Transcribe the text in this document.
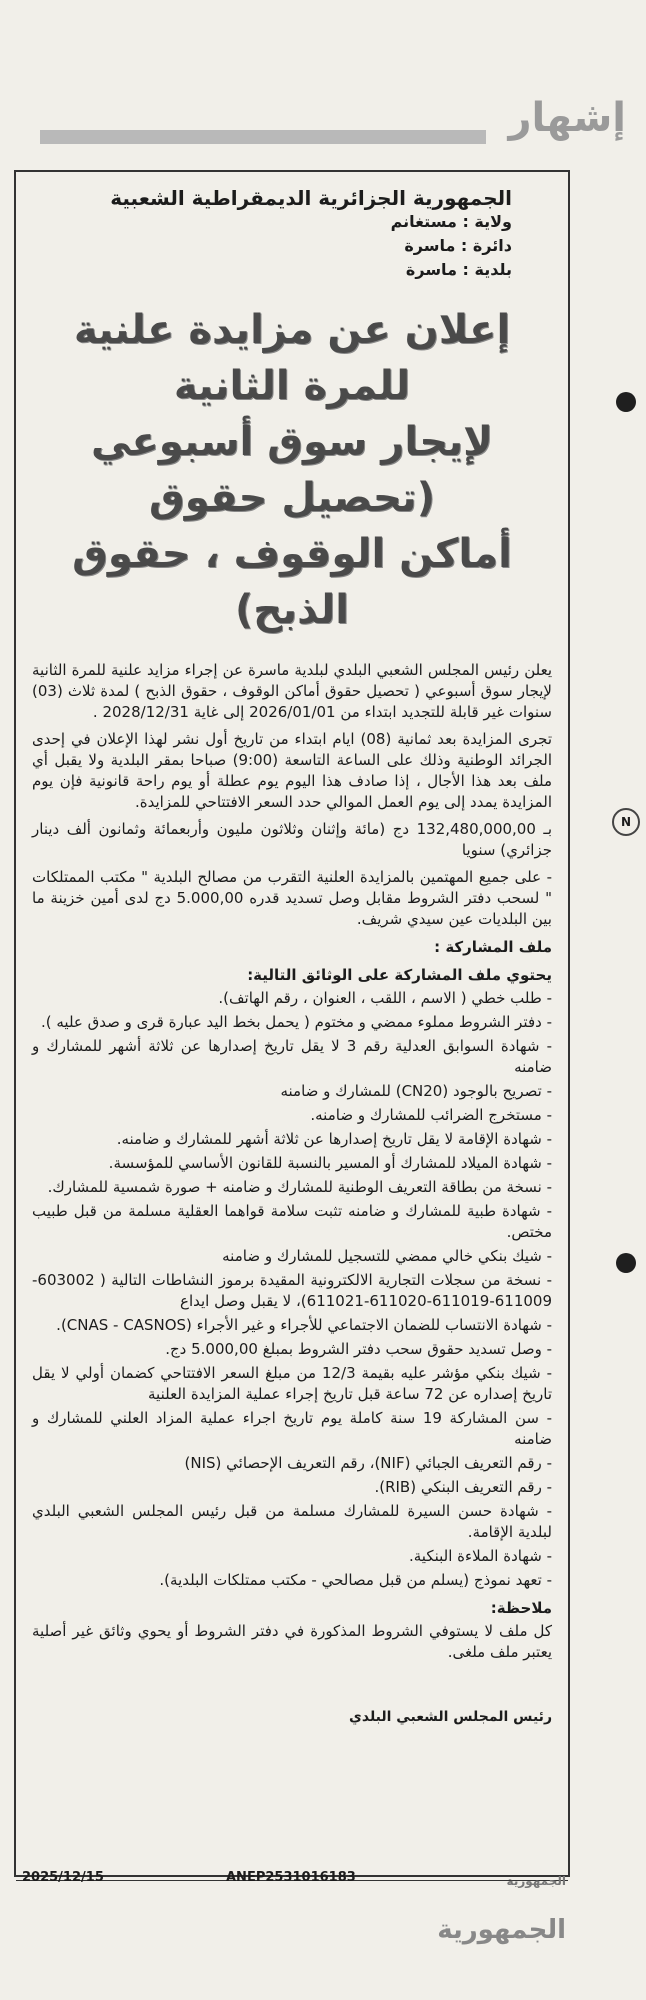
إشهار
الجمهورية الجزائرية الديمقراطية الشعبية
ولاية : مستغانم
دائرة : ماسرة
بلدية : ماسرة
إعلان عن مزايدة علنية للمرة الثانية
لإيجار سوق أسبوعي (تحصيل حقوق
أماكن الوقوف ، حقوق الذبح)

يعلن رئيس المجلس الشعبي البلدي لبلدية ماسرة عن إجراء مزايد علنية للمرة الثانية لإيجار سوق أسبوعي ( تحصيل حقوق أماكن الوقوف ، حقوق الذبح ) لمدة ثلاث (03) سنوات غير قابلة للتجديد ابتداء من 2026/01/01 إلى غاية 2028/12/31 .

تجرى المزايدة بعد ثمانية (08) ايام ابتداء من تاريخ أول نشر لهذا الإعلان في إحدى الجرائد الوطنية وذلك على الساعة التاسعة (9:00) صباحا بمقر البلدية ولا يقبل أي ملف بعد هذا الأجال ، إذا صادف هذا اليوم يوم عطلة أو يوم راحة قانونية فإن يوم المزايدة يمدد إلى يوم العمل الموالي حدد السعر الافتتاحي للمزايدة.

بـ 132,480,000,00 دج (مائة وإثنان وثلاثون مليون وأربعمائة وثمانون ألف دينار جزائري) سنويا

- على جميع المهتمين بالمزايدة العلنية التقرب من مصالح البلدية " مكتب الممتلكات " لسحب دفتر الشروط مقابل وصل تسديد قدره 5.000,00 دج لدى أمين خزينة ما بين البلديات عين سيدي شريف.

ملف المشاركة :
يحتوي ملف المشاركة على الوثائق التالية:
- طلب خطي ( الاسم ، اللقب ، العنوان ، رقم الهاتف).
- دفتر الشروط مملوء ممضي و مختوم ( يحمل بخط اليد عبارة قرى و صدق عليه ).
- شهادة السوابق العدلية رقم 3 لا يقل تاريخ إصدارها عن ثلاثة أشهر للمشارك و ضامنه
- تصريح بالوجود (CN20) للمشارك و ضامنه
- مستخرج الضرائب للمشارك و ضامنه.
- شهادة الإقامة لا يقل تاريخ إصدارها عن ثلاثة أشهر للمشارك و ضامنه.
- شهادة الميلاد للمشارك أو المسير بالنسبة للقانون الأساسي للمؤسسة.
- نسخة من بطاقة التعريف الوطنية للمشارك و ضامنه + صورة شمسية للمشارك.
- شهادة طبية للمشارك و ضامنه تثبت سلامة قواهما العقلية مسلمة من قبل طبيب مختص.
- شيك بنكي خالي ممضي للتسجيل للمشارك و ضامنه
- نسخة من سجلات التجارية الالكترونية المقيدة برموز النشاطات التالية ( 603002-611009-611019-611020-611021)، لا يقبل وصل ايداع
- شهادة الانتساب للضمان الاجتماعي للأجراء و غير الأجراء (CNAS - CASNOS).
- وصل تسديد حقوق سحب دفتر الشروط بمبلغ 5.000,00 دج.
- شيك بنكي مؤشر عليه بقيمة 12/3 من مبلغ السعر الافتتاحي كضمان أولي لا يقل تاريخ إصداره عن 72 ساعة قبل تاريخ إجراء عملية المزايدة العلنية
- سن المشاركة 19 سنة كاملة يوم تاريخ اجراء عملية المزاد العلني للمشارك و ضامنه
- رقم التعريف الجبائي (NIF)، رقم التعريف الإحصائي (NIS)
- رقم التعريف البنكي (RIB).
- شهادة حسن السيرة للمشارك مسلمة من قبل رئيس المجلس الشعبي البلدي لبلدية الإقامة.
- شهادة الملاءة البنكية.
- تعهد نموذج (يسلم من قبل مصالحي - مكتب ممتلكات البلدية).
ملاحظة:

كل ملف لا يستوفي الشروط المذكورة في دفتر الشروط أو يحوي وثائق غير أصلية يعتبر ملف ملغى.

رئيس المجلس الشعبي البلدي
ANEP2531016183
2025/12/15	الجمهورية
الجمهورية
N
